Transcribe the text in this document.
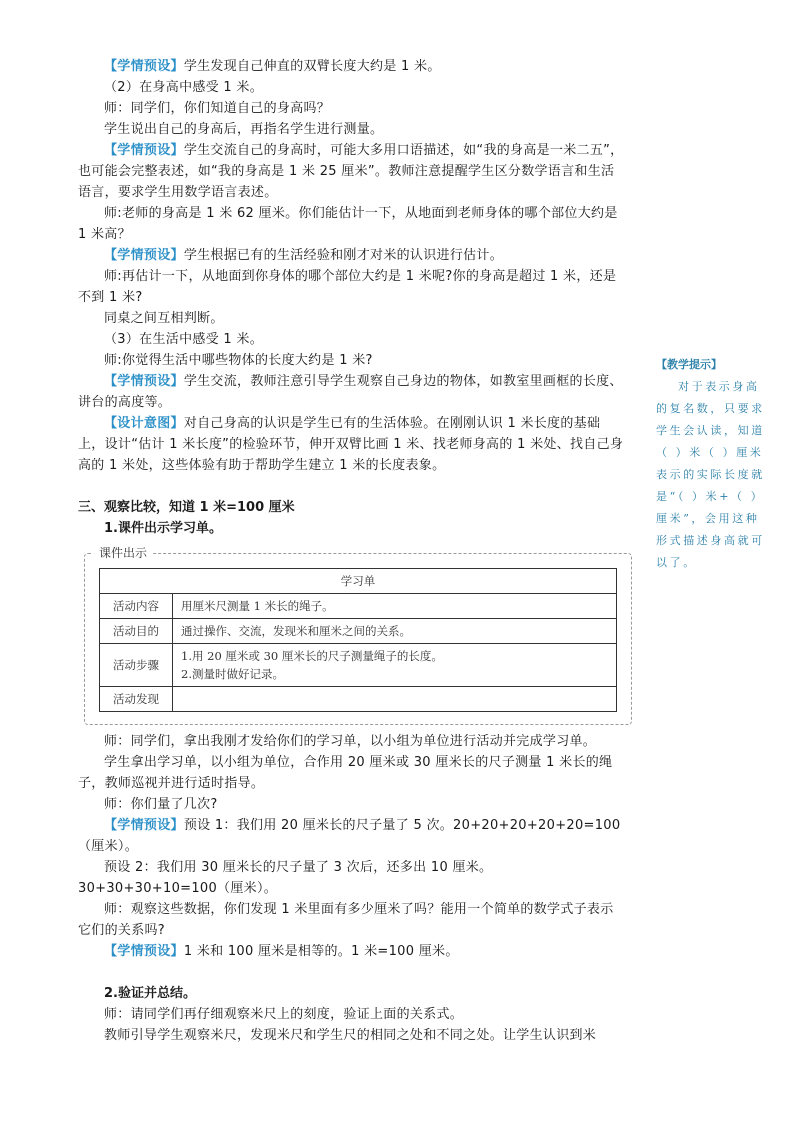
【学情预设】学生发现自己伸直的双臂长度大约是 1 米。

（2）在身高中感受 1 米。

师：同学们，你们知道自己的身高吗？

学生说出自己的身高后，再指名学生进行测量。

【学情预设】学生交流自己的身高时，可能大多用口语描述，如“我的身高是一米二五”，也可能会完整表述，如“我的身高是 1 米 25 厘米”。教师注意提醒学生区分数学语言和生活语言，要求学生用数学语言表述。

师:老师的身高是 1 米 62 厘米。你们能估计一下，从地面到老师身体的哪个部位大约是 1 米高？

【学情预设】学生根据已有的生活经验和刚才对米的认识进行估计。

师:再估计一下，从地面到你身体的哪个部位大约是 1 米呢?你的身高是超过 1 米，还是不到 1 米?

同桌之间互相判断。

（3）在生活中感受 1 米。

师:你觉得生活中哪些物体的长度大约是 1 米?

【学情预设】学生交流，教师注意引导学生观察自己身边的物体，如教室里画框的长度、讲台的高度等。

【设计意图】对自己身高的认识是学生已有的生活体验。在刚刚认识 1 米长度的基础上，设计“估计 1 米长度”的检验环节，伸开双臂比画 1 米、找老师身高的 1 米处、找自己身高的 1 米处，这些体验有助于帮助学生建立 1 米的长度表象。

三、观察比较，知道 1 米=100 厘米

1.课件出示学习单。

课件出示
学习单	
活动内容	用厘米尺测量 1 米长的绳子。
活动目的	通过操作、交流，发现米和厘米之间的关系。
活动步骤	1.用 20 厘米或 30 厘米长的尺子测量绳子的长度。
2.测量时做好记录。

活动发现	

师：同学们，拿出我刚才发给你们的学习单，以小组为单位进行活动并完成学习单。

学生拿出学习单，以小组为单位，合作用 20 厘米或 30 厘米长的尺子测量 1 米长的绳子，教师巡视并进行适时指导。

师：你们量了几次?

【学情预设】预设 1：我们用 20 厘米长的尺子量了 5 次。20+20+20+20+20=100（厘米）。

预设 2：我们用 30 厘米长的尺子量了 3 次后，还多出 10 厘米。30+30+30+10=100（厘米）。

师：观察这些数据，你们发现 1 米里面有多少厘米了吗？能用一个简单的数学式子表示它们的关系吗?

【学情预设】1 米和 100 厘米是相等的。1 米=100 厘米。

2.验证并总结。

师：请同学们再仔细观察米尺上的刻度，验证上面的关系式。

教师引导学生观察米尺，发现米尺和学生尺的相同之处和不同之处。让学生认识到米

【教学提示】
对于表示身高的复名数，只要求学生会认读，知道（ ）米（ ）厘米表示的实际长度就是“（ ）米+（ ）厘米”，会用这种形式描述身高就可以了。
